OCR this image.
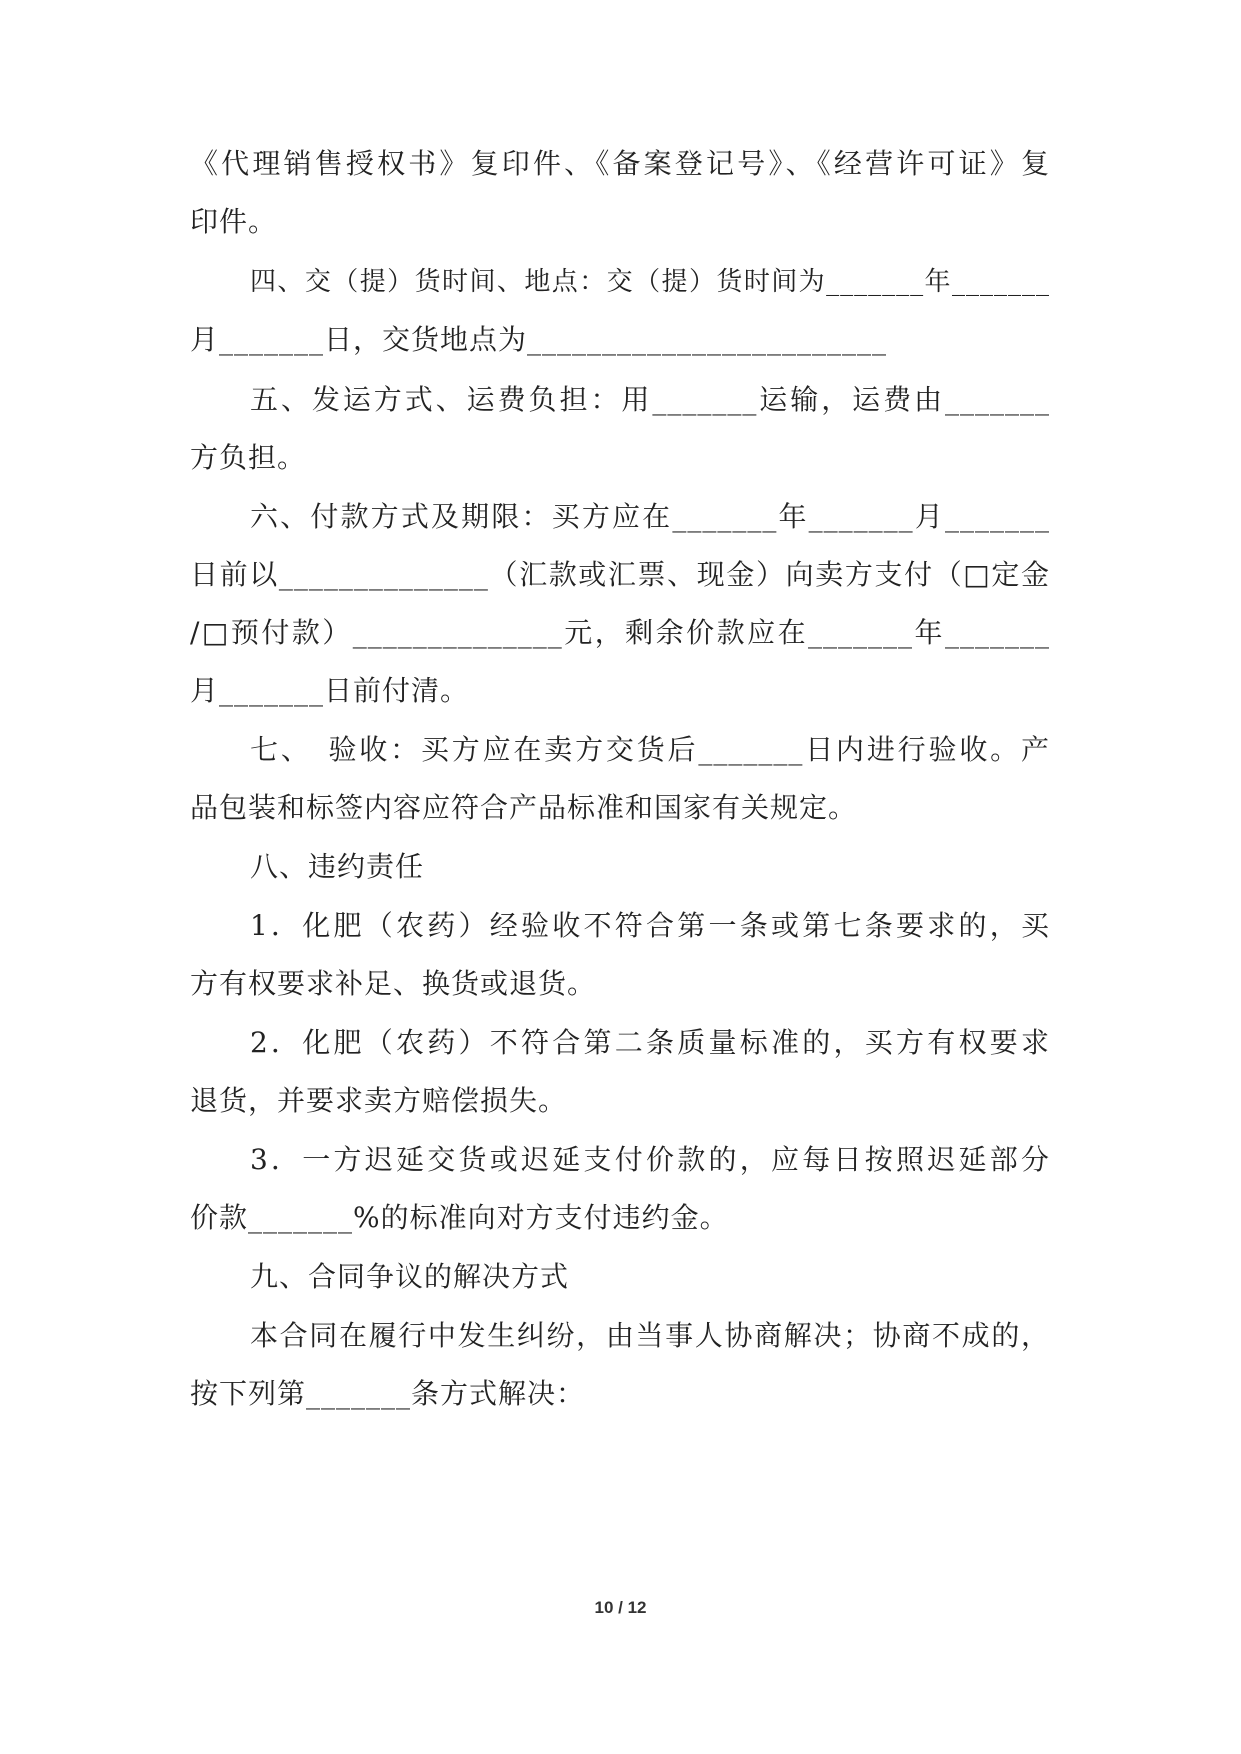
《代理销售授权书》复印件、《备案登记号》、《经营许可证》复
印件。
四、交（提）货时间、地点：交（提）货时间为_______年_______
月_______日，交货地点为________________________
五、发运方式、运费负担：用_______运输，运费由_______
方负担。
六、付款方式及期限：买方应在_______年_______月_______
日前以______________（汇款或汇票、现金）向卖方支付（□定金
/□预付款）______________元，剩余价款应在_______年_______
月_______日前付清。
七、　验收：买方应在卖方交货后_______日内进行验收。产
品包装和标签内容应符合产品标准和国家有关规定。
八、违约责任
1．化肥（农药）经验收不符合第一条或第七条要求的，买
方有权要求补足、换货或退货。
2．化肥（农药）不符合第二条质量标准的，买方有权要求
退货，并要求卖方赔偿损失。
3．一方迟延交货或迟延支付价款的，应每日按照迟延部分
价款_______%的标准向对方支付违约金。
九、合同争议的解决方式
本合同在履行中发生纠纷，由当事人协商解决；协商不成的，
按下列第_______条方式解决：
10 / 12
